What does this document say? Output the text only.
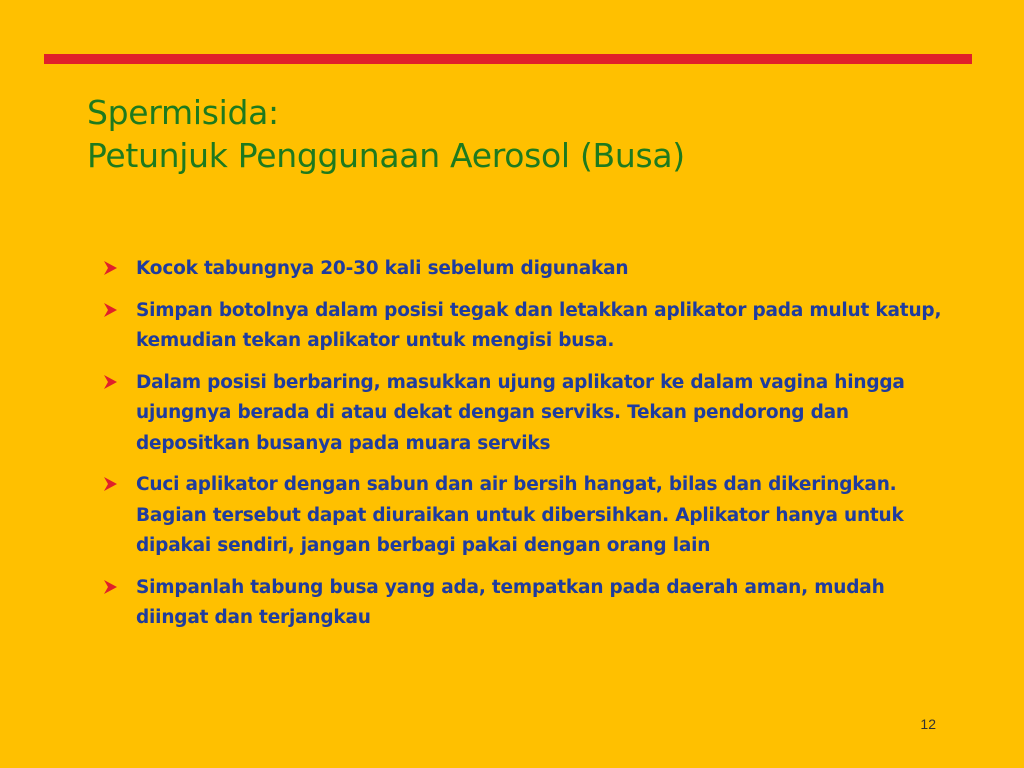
Spermisida:
Petunjuk Penggunaan Aerosol (Busa)
Kocok tabungnya 20-30 kali sebelum digunakan
Simpan botolnya dalam posisi tegak dan letakkan aplikator pada mulut katup, kemudian tekan aplikator untuk mengisi busa.
Dalam posisi berbaring, masukkan ujung aplikator ke dalam vagina hingga ujungnya berada di atau dekat dengan serviks. Tekan pendorong dan depositkan busanya pada muara serviks
Cuci aplikator dengan sabun dan air bersih hangat, bilas dan dikeringkan. Bagian tersebut dapat diuraikan untuk dibersihkan. Aplikator hanya untuk dipakai sendiri, jangan berbagi pakai dengan orang lain
Simpanlah tabung busa yang ada, tempatkan pada daerah aman, mudah diingat dan terjangkau
12
